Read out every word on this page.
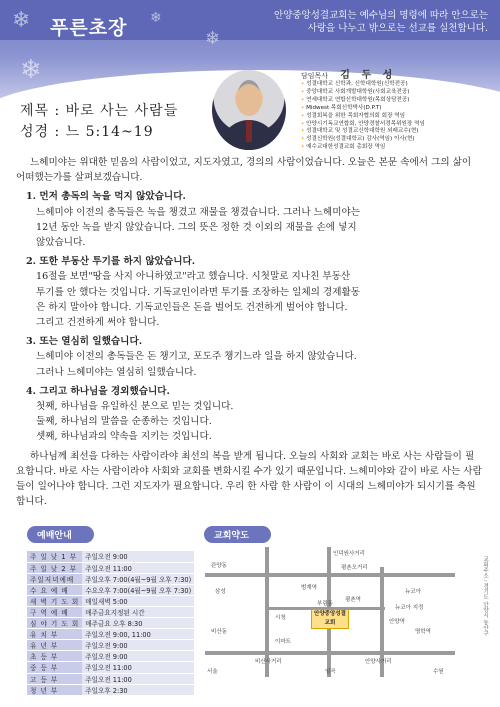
❄	❄
❄
❄
푸른초장
안양중앙성결교회는 예수님의 명령에 따라 안으로는
사랑을 나누고 밖으로는 선교를 실천합니다.
담임목사 김 두 성
• 성결대학교 신학과, 신학대학원(신학전공)
• 중앙대학교 사회개발대학원(사회교육전공)
• 연세대학교 연합신학대학원(목회상담전공)
• Midwest 목회신학박사(D.P.T)
• 성결회복을 위한 목회자협의회 회장 역임
• 안양시기독교연합회, 안양경찰서경목위원장 역임
• 성결대학교 및 성결교신학대학원 외래교수(현)
• 성결신학원(성결대학교) 감사(역임) 이사(현)
• 예수교대한성결교회 총회장 역임
제목 : 바로 사는 사람들
성경 : 느 5:14~19

느헤미야는 위대한 믿음의 사람이었고, 지도자였고, 경의의 사람이었습니다. 오늘은 본문 속에서 그의 삶이 어떠했는가를 살펴보겠습니다.

1. 먼저 총독의 녹을 먹지 않았습니다.

느헤미야 이전의 총독들은 녹을 챙겼고 재물을 챙겼습니다. 그러나 느헤미야는

12년 동안 녹을 받지 않았습니다. 그의 뜻은 정한 것 이외의 재물을 손에 넣지

않았습니다.

2. 또한 부동산 투기를 하지 않았습니다.

16절을 보면"땅을 사지 아니하였고"라고 했습니다. 시첫말로 지나친 부동산

투기를 안 했다는 것입니다. 기독교인이라면 투기를 조장하는 일체의 경제활동

은 하지 말아야 합니다. 기독교인들은 돈을 벌어도 건전하게 벌어야 합니다.

그리고 건전하게 써야 합니다.

3. 또는 열심히 일했습니다.

느헤미야 이전의 총독들은 돈 챙기고, 포도주 챙기느라 일을 하지 않았습니다.

그러나 느헤미야는 열심히 일했습니다.

4. 그리고 하나님을 경외했습니다.

첫째, 하나님을 유일하신 분으로 믿는 것입니다.

둘째, 하나님의 말씀을 순종하는 것입니다.

셋째, 하나님과의 약속을 지키는 것입니다.

하나님께 최선을 다하는 사람이라야 최선의 복을 받게 됩니다. 오늘의 사회와 교회는 바로 사는 사람들이 필요합니다. 바로 사는 사람이라야 사회와 교회를 변화시킬 수가 있기 때문입니다. 느헤미야와 같이 바로 사는 사람들이 일어나야 합니다. 그런 지도자가 필요합니다. 우리 한 사람 한 사람이 이 시대의 느헤미야가 되시기를 축원합니다.

예배안내
주 일 낮 1 부	주일오전 9:00
주 일 낮 2 부	주일오전 11:00
주일저녁예배	주일오후 7:00(4월~9월 오후 7:30)
수 요 예 배	수요오후 7:00(4월~9월 오후 7:30)
새 벽 기 도 회	매일새벽 5:00
구 역 예 배	매주금요지정된 시간
심 야 기 도 회	매주금요 오후 8:30
유 치 부	주일오전 9:00, 11:00
유 년 부	주일오전 9:00
초 등 부	주일오전 9:00
중 등 부	주일오전 11:00
고 등 부	주일오전 11:00
청 년 부	주일오후 2:30
교회약도
안양중앙성결교회
인덕원사거리
관양동	평촌오거리
범계역
뉴코아
삼성
평촌역
시청
부림동
비산동
안양역
명학역
임곡
비산사거리	안양사거리
서울	수원
이마트
뉴코아 지정	교회주소 : 경기도 안양시 동안구
